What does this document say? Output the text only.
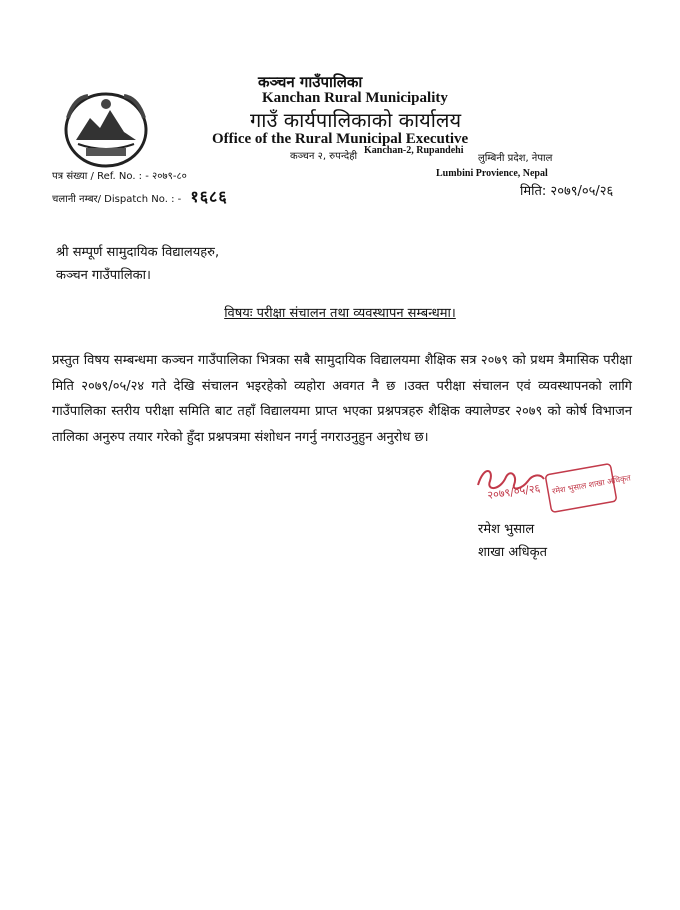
कञ्चन गाउँपालिका
Kanchan Rural Municipality
गाउँ कार्यपालिकाको कार्यालय
Office of the Rural Municipal Executive
कञ्चन २, रुपन्देही
Kanchan-2, Rupandehi
लुम्बिनी प्रदेश, नेपाल
Lumbini Provience, Nepal
पत्र संख्या / Ref. No. : - २०७९-८०
चलानी नम्बर/ Dispatch No. : - १६८६	मिति: २०७९/०५/२६
श्री सम्पूर्ण सामुदायिक विद्यालयहरु,
कञ्चन गाउँपालिका।
विषयः परीक्षा संचालन तथा व्यवस्थापन सम्बन्धमा।
प्रस्तुत विषय सम्बन्धमा कञ्चन गाउँपालिका भित्रका सबै सामुदायिक विद्यालयमा शैक्षिक सत्र २०७९ को प्रथम त्रैमासिक परीक्षा मिति २०७९/०५/२४ गते देखि संचालन भइरहेको व्यहोरा अवगत नै छ ।उक्त परीक्षा संचालन एवं व्यवस्थापनको लागि गाउँपालिका स्तरीय परीक्षा समिति बाट तहाँ विद्यालयमा प्राप्त भएका प्रश्नपत्रहरु शैक्षिक क्यालेण्डर २०७९ को कोर्ष विभाजन तालिका अनुरुप तयार गरेको हुँदा प्रश्नपत्रमा संशोधन नगर्नु नगराउनुहुन अनुरोध छ।
२०७९/०५/२६ रमेश भुसाल शाखा अधिकृत
रमेश भुसाल
शाखा अधिकृत
